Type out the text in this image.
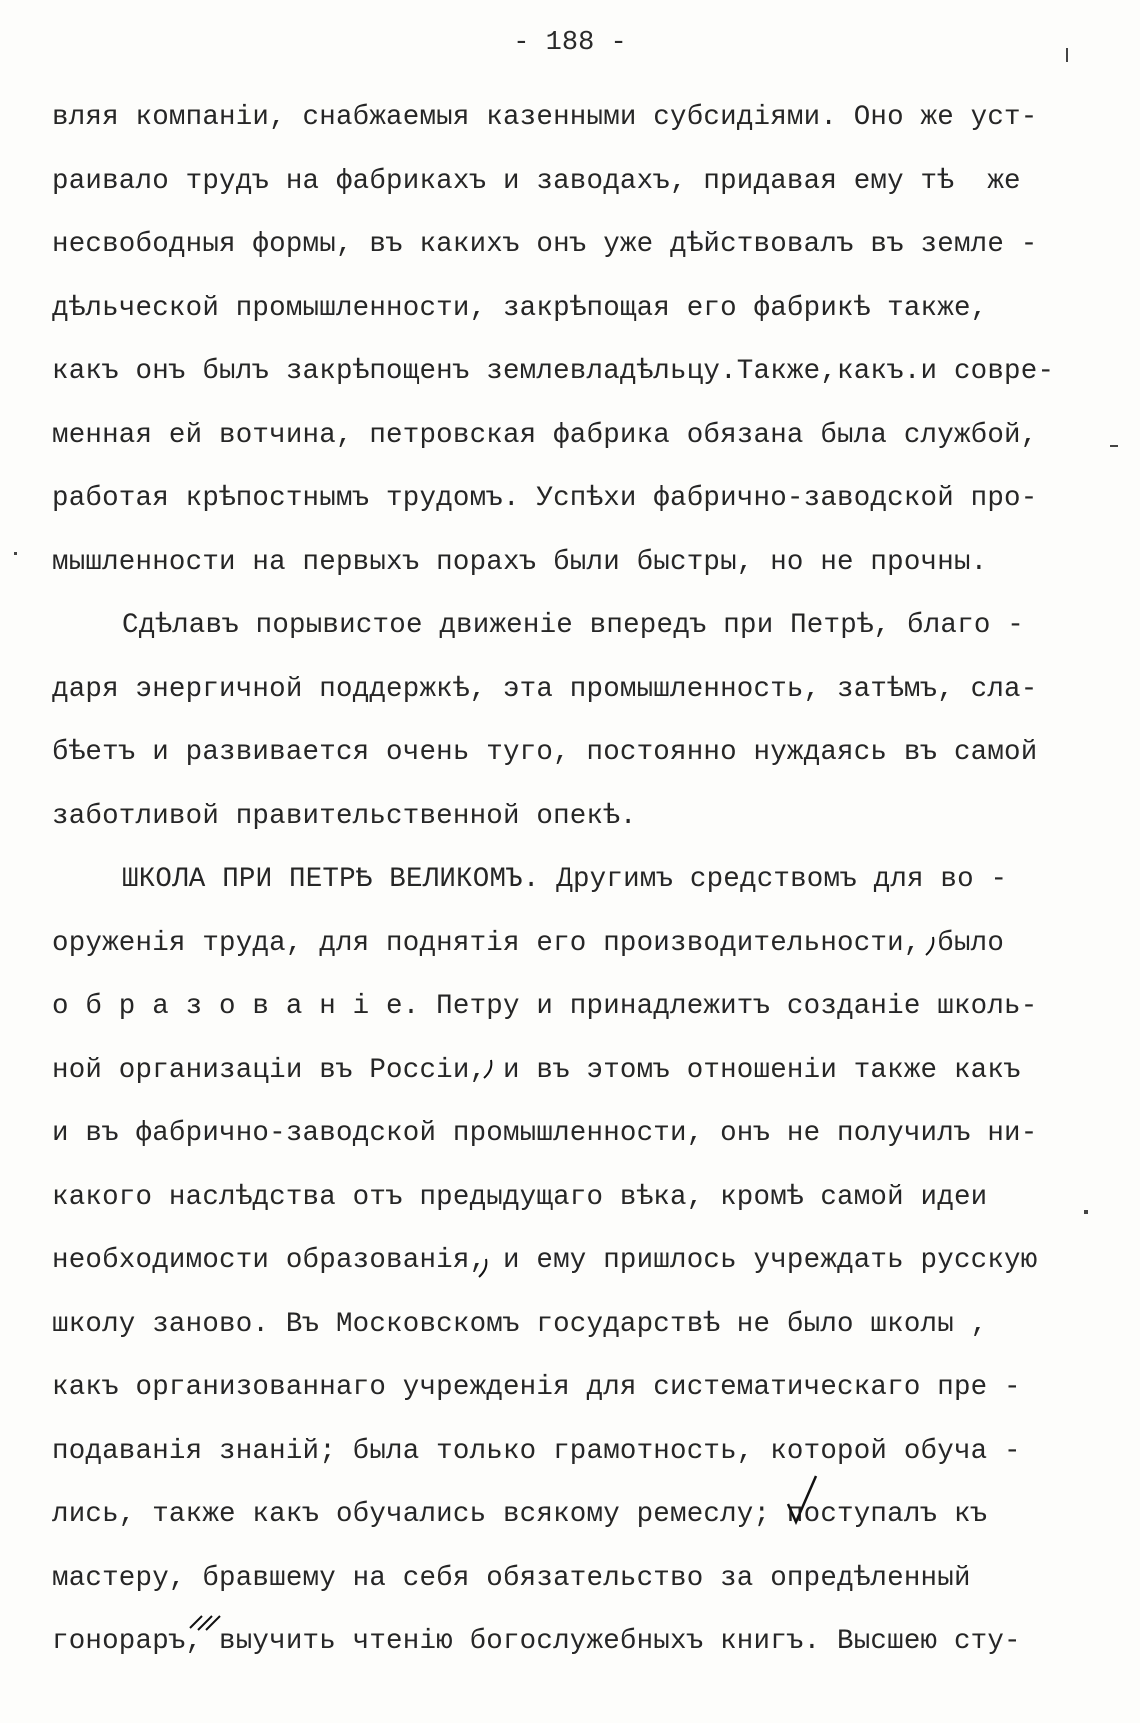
- 188 -
вляя компаніи, снабжаемыя казенными субсидіями. Оно же уст-
раивало трудъ на фабрикахъ и заводахъ, придавая ему тѣ  же
несвободныя формы, въ какихъ онъ уже дѣйствовалъ въ земле -
дѣльческой промышленности, закрѣпощая его фабрикѣ также,
какъ онъ былъ закрѣпощенъ землевладѣльцу.Также,какъ.и совре-
менная ей вотчина, петровская фабрика обязана была службой,
работая крѣпостнымъ трудомъ. Успѣхи фабрично-заводской про-
мышленности на первыхъ порахъ были быстры, но не прочны.
Сдѣлавъ порывистое движеніе впередъ при Петрѣ, благо -
даря энергичной поддержкѣ, эта промышленность, затѣмъ, сла-
бѣетъ и развивается очень туго, постоянно нуждаясь въ самой
заботливой правительственной опекѣ.
ШКОЛА ПРИ ПЕТРѢ ВЕЛИКОМЪ. Другимъ средствомъ для во -
оруженія труда, для поднятія его производительности, было
о б р а з о в а н і е. Петру и принадлежитъ созданіе школь-
ной организаціи въ Россіи, и въ этомъ отношеніи также какъ
и въ фабрично-заводской промышленности, онъ не получилъ ни-
какого наслѣдства отъ предыдущаго вѣка, кромѣ самой идеи
необходимости образованія, и ему пришлось учреждать русскую
школу заново. Въ Московскомъ государствѣ не было школы ,
какъ организованнаго учрежденія для систематическаго пре -
подаванія знаній; была только грамотность, которой обуча -
лись, также какъ обучались всякому ремеслу; поступалъ къ
мастеру, бравшему на себя обязательство за опредѣленный
гонораръ, выучить чтенію богослужебныхъ книгъ. Высшею сту-
